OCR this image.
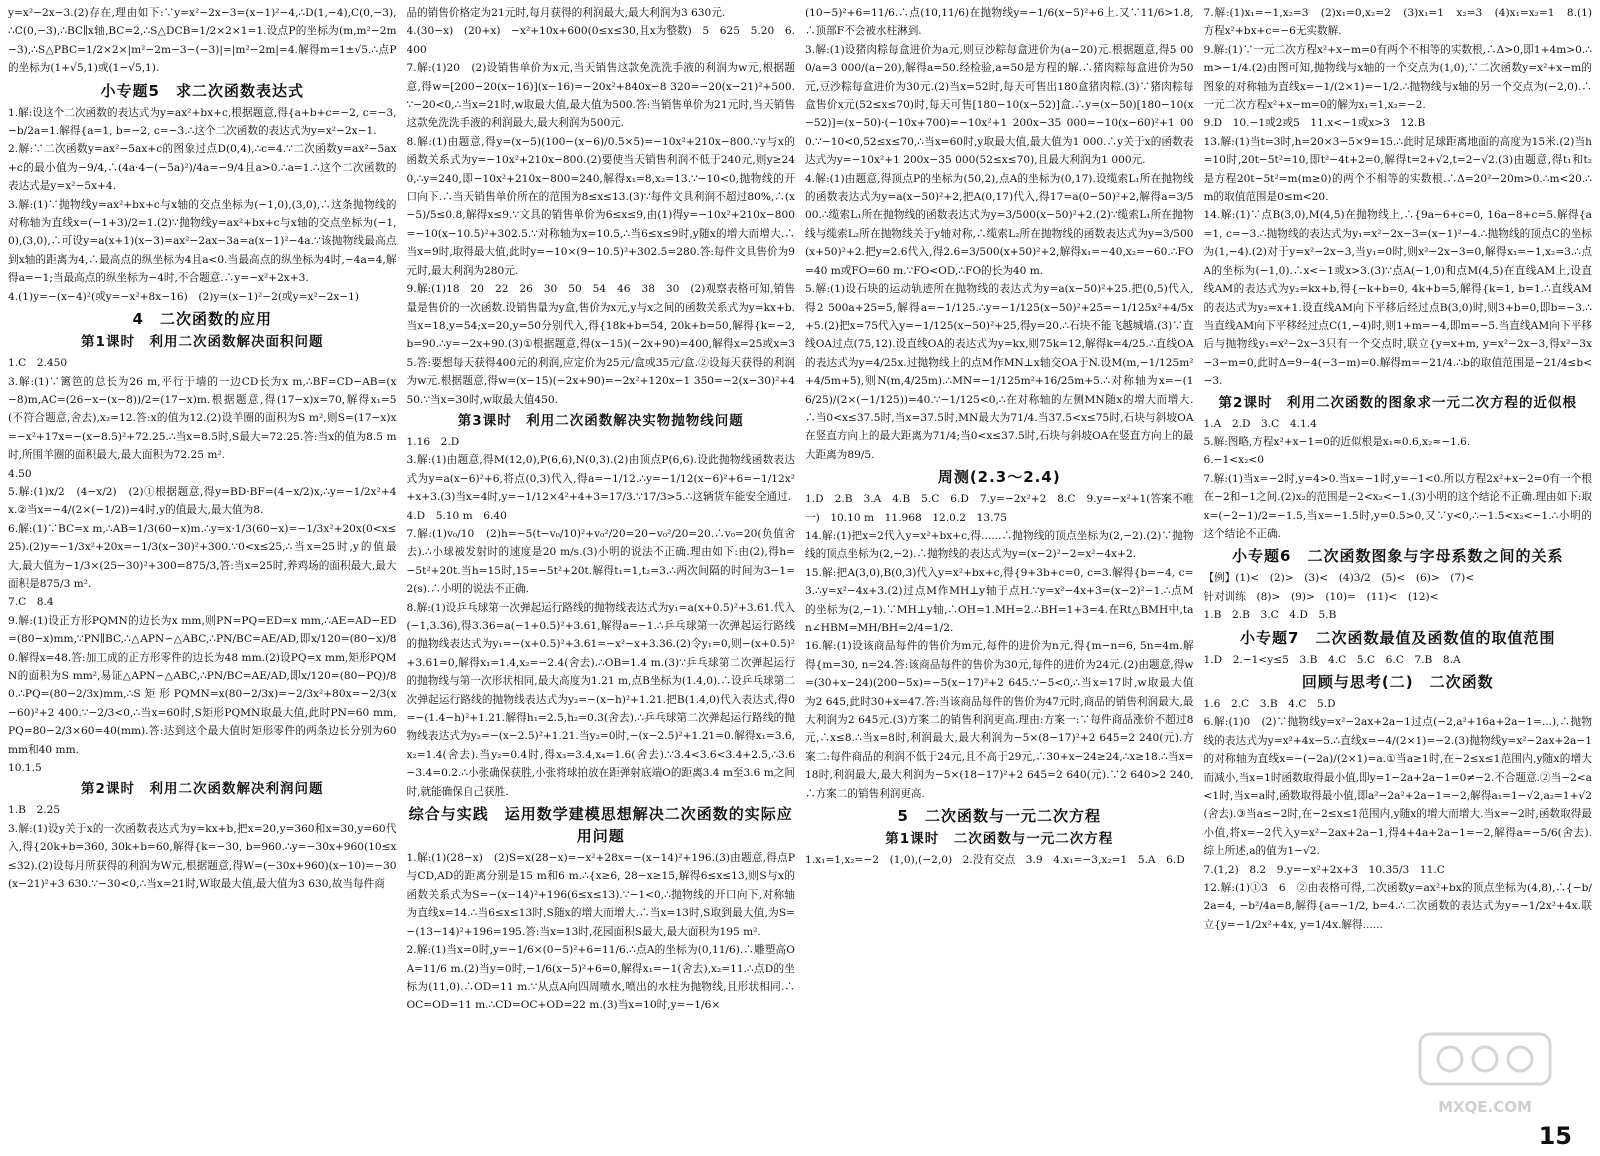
y=x²−2x−3.(2)存在,理由如下:∵y=x²−2x−3=(x−1)²−4,∴D(1,−4),C(0,−3),∴C(0,−3),∴BC∥x轴,BC=2,∴S△DCB=1/2×2×1=1.设点P的坐标为(m,m²−2m−3),∴S△PBC=1/2×2×|m²−2m−3−(−3)|=|m²−2m|=4.解得m=1±√5.∴点P的坐标为(1+√5,1)或(1−√5,1).

小专题5　求二次函数表达式

1.解:设这个二次函数的表达式为y=ax²+bx+c,根据题意,得{a+b+c=−2, c=−3, −b/2a=1.解得{a=1, b=−2, c=−3.∴这个二次函数的表达式为y=x²−2x−1.

2.解:∵二次函数y=ax²−5ax+c的图象过点D(0,4),∴c=4.∵二次函数y=ax²−5ax+c的最小值为−9/4,∴(4a·4−(−5a)²)/4a=−9/4且a>0.∴a=1.∴这个二次函数的表达式是y=x²−5x+4.

3.解:(1)∵抛物线y=ax²+bx+c与x轴的交点坐标为(−1,0),(3,0),∴这条抛物线的对称轴为直线x=(−1+3)/2=1.(2)∵抛物线y=ax²+bx+c与x轴的交点坐标为(−1,0),(3,0),∴可设y=a(x+1)(x−3)=ax²−2ax−3a=a(x−1)²−4a.∵该抛物线最高点到x轴的距离为4,∴最高点的纵坐标为4且a<0.当最高点的纵坐标为4时,−4a=4,解得a=−1;当最高点的纵坐标为−4时,不合题意.∴y=−x²+2x+3.

4.(1)y=−(x−4)²(或y=−x²+8x−16)　(2)y=(x−1)²−2(或y=x²−2x−1)

4　二次函数的应用
第1课时　利用二次函数解决面积问题

1.C　2.450

3.解:(1)∵篱笆的总长为26 m,平行于墙的一边CD长为x m,∴BF=CD−AB=(x−8)m,AC=(26−x−(x−8))/2=(17−x)m.根据题意,得(17−x)x=70,解得x₁=5(不符合题意,舍去),x₂=12.答:x的值为12.(2)设羊圈的面积为S m²,则S=(17−x)x=−x²+17x=−(x−8.5)²+72.25.∴当x=8.5时,S最大=72.25.答:当x的值为8.5 m时,所围羊圈的面积最大,最大面积为72.25 m².

4.50

5.解:(1)x/2　(4−x/2)　(2)①根据题意,得y=BD·BF=(4−x/2)x,∴y=−1/2x²+4x.②当x=−4/(2×(−1/2))=4时,y的值最大,最大值为8.

6.解:(1)∵BC=x m,∴AB=1/3(60−x)m.∴y=x·1/3(60−x)=−1/3x²+20x(0<x≤25).(2)y=−1/3x²+20x=−1/3(x−30)²+300.∵0<x≤25,∴当x=25时,y的值最大,最大值为−1/3×(25−30)²+300=875/3,答:当x=25时,养鸡场的面积最大,最大面积是875/3 m².

7.C　8.4

9.解:(1)设正方形PQMN的边长为x mm,则PN=PQ=ED=x mm,∴AE=AD−ED=(80−x)mm,∵PN∥BC,∴△APN∽△ABC,∴PN/BC=AE/AD,即x/120=(80−x)/80.解得x=48.答:加工成的正方形零件的边长为48 mm.(2)设PQ=x mm,矩形PQMN的面积为S mm²,易证△APN∽△ABC,∴PN/BC=AE/AD,即x/120=(80−PQ)/80.∴PQ=(80−2/3x)mm,∴S矩形PQMN=x(80−2/3x)=−2/3x²+80x=−2/3(x−60)²+2 400.∵−2/3<0,∴当x=60时,S矩形PQMN取最大值,此时PN=60 mm,PQ=80−2/3×60=40(mm).答:达到这个最大值时矩形零件的两条边长分别为60 mm和40 mm.

10.1.5

第2课时　利用二次函数解决利润问题

1.B　2.25

3.解:(1)设y关于x的一次函数表达式为y=kx+b,把x=20,y=360和x=30,y=60代入,得{20k+b=360, 30k+b=60,解得{k=−30, b=960.∴y=−30x+960(10≤x≤32).(2)设每月所获得的利润为W元,根据题意,得W=(−30x+960)(x−10)=−30(x−21)²+3 630.∵−30<0,∴当x=21时,W取最大值,最大值为3 630,故当每件商

品的销售价格定为21元时,每月获得的利润最大,最大利润为3 630元.

4.(30−x)　(20+x)　−x²+10x+600(0≤x≤30,且x为整数)　5　625　5.20　6.400

7.解:(1)20　(2)设销售单价为x元,当天销售这款免洗洗手液的利润为w元,根据题意,得w=[200−20(x−16)](x−16)=−20x²+840x−8 320=−20(x−21)²+500.∵−20<0,∴当x=21时,w取最大值,最大值为500.答:当销售单价为21元时,当天销售这款免洗洗手液的利润最大,最大利润为500元.

8.解:(1)由题意,得y=(x−5)(100−(x−6)/0.5×5)=−10x²+210x−800.∵y与x的函数关系式为y=−10x²+210x−800.(2)要使当天销售利润不低于240元,则y≥240,∴y=240,即−10x²+210x−800=240,解得x₁=8,x₂=13.∵−10<0,抛物线的开口向下.∴当天销售单价所在的范围为8≤x≤13.(3)∵每件文具利润不超过80%,∴(x−5)/5≤0.8,解得x≤9.∵文具的销售单价为6≤x≤9,由(1)得y=−10x²+210x−800=−10(x−10.5)²+302.5.∵对称轴为x=10.5,∴当6≤x≤9时,y随x的增大而增大.∴当x=9时,取得最大值,此时y=−10×(9−10.5)²+302.5=280.答:每件文具售价为9元时,最大利润为280元.

9.解:(1)18　20　22　26　30　50　54　46　38　30　(2)观察表格可知,销售量是售价的一次函数.设销售量为y盒,售价为x元,y与x之间的函数关系式为y=kx+b.当x=18,y=54;x=20,y=50分别代入,得{18k+b=54, 20k+b=50,解得{k=−2, b=90.∴y=−2x+90.(3)①根据题意,得(x−15)(−2x+90)=400,解得x=25或x=35.答:要想每天获得400元的利润,应定价为25元/盒或35元/盒.②设每天获得的利润为w元.根据题意,得w=(x−15)(−2x+90)=−2x²+120x−1 350=−2(x−30)²+450.∵当x=30时,w取最大值450.

第3课时　利用二次函数解决实物抛物线问题

1.16　2.D

3.解:(1)由题意,得M(12,0),P(6,6),N(0,3).(2)由顶点P(6,6).设此抛物线函数表达式为y=a(x−6)²+6,将点(0,3)代入,得a=−1/12.∴y=−1/12(x−6)²+6=−1/12x²+x+3.(3)当x=4时,y=−1/12×4²+4+3=17/3.∵17/3>5.∴这辆货车能安全通过.

4.D　5.10 m　6.40

7.解:(1)v₀/10　(2)h=−5(t−v₀/10)²+v₀²/20=20−v₀²/20=20.∴v₀=20(负值舍去).∴小球被发射时的速度是20 m/s.(3)小明的说法不正确.理由如下:由(2),得h=−5t²+20t.当h=15时,15=−5t²+20t.解得t₁=1,t₂=3.∴两次间隔的时间为3−1=2(s).∴小明的说法不正确.

8.解:(1)设乒乓球第一次弹起运行路线的抛物线表达式为y₁=a(x+0.5)²+3.61.代入(−1,3.36),得3.36=a(−1+0.5)²+3.61,解得a=−1.∴乒乓球第一次弹起运行路线的抛物线表达式为y₁=−(x+0.5)²+3.61=−x²−x+3.36.(2)令y₁=0,则−(x+0.5)²+3.61=0,解得x₁=1.4,x₂=−2.4(舍去).∴OB=1.4 m.(3)∵乒乓球第二次弹起运行的抛物线与第一次形状相同,最大高度为1.21 m,点B坐标为(1.4,0).∴设乒乓球第二次弹起运行路线的抛物线表达式为y₂=−(x−h)²+1.21.把B(1.4,0)代入表达式,得0=−(1.4−h)²+1.21.解得h₁=2.5,h₂=0.3(舍去).∴乒乓球第二次弹起运行路线的抛物线表达式为y₂=−(x−2.5)²+1.21.当y₂=0时,−(x−2.5)²+1.21=0.解得x₁=3.6,x₂=1.4(舍去).当y₂=0.4时,得x₃=3.4,x₄=1.6(舍去).∵3.4<3.6<3.4+2.5,∴3.6−3.4=0.2.∴小张确保获胜,小张将球拍放在距弹射底端O的距离3.4 m至3.6 m之间时,就能确保自己获胜.

综合与实践　运用数学建模思想解决二次函数的实际应用问题

1.解:(1)(28−x)　(2)S=x(28−x)=−x²+28x=−(x−14)²+196.(3)由题意,得点P与CD,AD的距离分别是15 m和6 m.∴{x≥6, 28−x≥15,解得6≤x≤13,则S与x的函数关系式为S=−(x−14)²+196(6≤x≤13).∵−1<0,∴抛物线的开口向下,对称轴为直线x=14.∴当6≤x≤13时,S随x的增大而增大.∴当x=13时,S取到最大值,为S=−(13−14)²+196=195.答:当x=13时,花园面积S最大,最大面积为195 m².

2.解:(1)当x=0时,y=−1/6×(0−5)²+6=11/6.∴点A的坐标为(0,11/6).∴雕塑高OA=11/6 m.(2)当y=0时,−1/6(x−5)²+6=0,解得x₁=−1(舍去),x₂=11.∴点D的坐标为(11,0).∴OD=11 m.∵从点A向四周喷水,喷出的水柱为抛物线,且形状相同.∴OC=OD=11 m.∴CD=OC+OD=22 m.(3)当x=10时,y=−1/6×

(10−5)²+6=11/6.∴点(10,11/6)在抛物线y=−1/6(x−5)²+6上.又∵11/6>1.8,∴顶部F不会被水柱淋到.

3.解:(1)设猪肉粽每盒进价为a元,则豆沙粽每盒进价为(a−20)元.根据题意,得5 000/a=3 000/(a−20),解得a=50.经检验,a=50是方程的解.∴猪肉粽每盒进价为50元,豆沙粽每盒进价为30元.(2)当x=52时,每天可售出180盒猪肉粽.(3)∵猪肉粽每盒售价x元(52≤x≤70)时,每天可售[180−10(x−52)]盒.∴y=(x−50)[180−10(x−52)]=(x−50)·(−10x+700)=−10x²+1 200x−35 000=−10(x−60)²+1 000.∵−10<0,52≤x≤70,∴当x=60时,y取最大值,最大值为1 000.∴y关于x的函数表达式为y=−10x²+1 200x−35 000(52≤x≤70),且最大利润为1 000元.

4.解:(1)由题意,得顶点P的坐标为(50,2),点A的坐标为(0,17).设缆索L₁所在抛物线的函数表达式为y=a(x−50)²+2,把A(0,17)代入,得17=a(0−50)²+2,解得a=3/500.∴缆索L₁所在抛物线的函数表达式为y=3/500(x−50)²+2.(2)∵缆索L₁所在抛物线与缆索L₂所在抛物线关于y轴对称,∴缆索L₂所在抛物线的函数表达式为y=3/500(x+50)²+2.把y=2.6代入,得2.6=3/500(x+50)²+2,解得x₁=−40,x₂=−60.∴FO=40 m或FO=60 m.∵FO<OD,∴FO的长为40 m.

5.解:(1)设石块的运动轨迹所在抛物线的表达式为y=a(x−50)²+25.把(0,5)代入,得2 500a+25=5,解得a=−1/125.∴y=−1/125(x−50)²+25=−1/125x²+4/5x+5.(2)把x=75代入y=−1/125(x−50)²+25,得y=20.∴石块不能飞越城墙.(3)∵直线OA过点(75,12).设直线OA的表达式为y=kx,则75k=12,解得k=4/25.∴直线OA的表达式为y=4/25x.过抛物线上的点M作MN⊥x轴交OA于N.设M(m,−1/125m²+4/5m+5),则N(m,4/25m).∴MN=−1/125m²+16/25m+5.∴对称轴为x=−(16/25)/(2×(−1/125))=40.∵−1/125<0,∴在对称轴的左侧MN随x的增大而增大.∴当0<x≤37.5时,当x=37.5时,MN最大为71/4.当37.5<x≤75时,石块与斜坡OA在竖直方向上的最大距离为71/4;当0<x≤37.5时,石块与斜坡OA在竖直方向上的最大距离为89/5.

周测(2.3～2.4)

1.D　2.B　3.A　4.B　5.C　6.D　7.y=−2x²+2　8.C　9.y=−x²+1(答案不唯一)　10.10 m　11.968　12.0.2　13.75

14.解:(1)把x=2代入y=x²+bx+c,得......∴抛物线的顶点坐标为(2,−2).(2)∵抛物线的顶点坐标为(2,−2).∴抛物线的表达式为y=(x−2)²−2=x²−4x+2.

15.解:把A(3,0),B(0,3)代入y=x²+bx+c,得{9+3b+c=0, c=3.解得{b=−4, c=3.∴y=x²−4x+3.(2)过点M作MH⊥y轴于点H.∵y=x²−4x+3=(x−2)²−1.∴点M的坐标为(2,−1).∵MH⊥y轴,∴OH=1.MH=2.∴BH=1+3=4.在Rt△BMH中,tan∠HBM=MH/BH=2/4=1/2.

16.解:(1)设该商品每件的售价为m元,每件的进价为n元,得{m−n=6, 5n=4m.解得{m=30, n=24.答:该商品每件的售价为30元,每件的进价为24元.(2)由题意,得w=(30+x−24)(200−5x)=−5(x−17)²+2 645.∵−5<0,∴当x=17时,w取最大值为2 645,此时30+x=47.答:当该商品每件的售价为47元时,商品的销售利润最大,最大利润为2 645元.(3)方案二的销售利润更高.理由:方案一:∵每件商品涨价不超过8元,∴x≤8.∴当x=8时,利润最大,最大利润为−5×(8−17)²+2 645=2 240(元).方案二:每件商品的利润不低于24元,且不高于29元,∴30+x−24≥24,∴x≥18.∴当x=18时,利润最大,最大利润为−5×(18−17)²+2 645=2 640(元).∵2 640>2 240,∴方案二的销售利润更高.

5　二次函数与一元二次方程
第1课时　二次函数与一元二次方程

1.x₁=1,x₂=−2　(1,0),(−2,0)　2.没有交点　3.9　4.x₁=−3,x₂=1　5.A　6.D

7.解:(1)x₁=−1,x₂=3　(2)x₁=0,x₂=2　(3)x₁=1　x₂=3　(4)x₁=x₂=1　8.(1)方程x²+bx+c=−6无实数解.

9.解:(1)∵一元二次方程x²+x−m=0有两个不相等的实数根,∴Δ>0,即1+4m>0.∴m>−1/4.(2)由图可知,抛物线与x轴的一个交点为(1,0),∵二次函数y=x²+x−m的图象的对称轴为直线x=−1/(2×1)=−1/2.∴抛物线与x轴的另一个交点为(−2,0).∴一元二次方程x²+x−m=0的解为x₁=1,x₂=−2.

9.D　10.−1或2或5　11.x<−1或x>3　12.B

13.解:(1)当t=3时,h=20×3−5×9=15.∴此时足球距离地面的高度为15米.(2)当h=10时,20t−5t²=10,即t²−4t+2=0,解得t=2+√2,t=2−√2.(3)由题意,得t₁和t₂是方程20t−5t²=m(m≥0)的两个不相等的实数根.∴Δ=20²−20m>0.∴m<20.∴m的取值范围是0≤m<20.

14.解:(1)∵点B(3,0),M(4,5)在抛物线上,∴{9a−6+c=0, 16a−8+c=5.解得{a=1, c=−3.∴抛物线的表达式为y₁=x²−2x−3=(x−1)²−4.∴抛物线的顶点C的坐标为(1,−4).(2)对于y=x²−2x−3,当y₁=0时,则x²−2x−3=0,解得x₁=−1,x₂=3.∴点A的坐标为(−1,0).∴x<−1或x>3.(3)∵点A(−1,0)和点M(4,5)在直线AM上,设直线AM的表达式为y₂=kx+b,得{−k+b=0, 4k+b=5,解得{k=1, b=1.∴直线AM的表达式为y₂=x+1.设直线AM向下平移后经过点B(3,0)时,则3+b=0,即b=−3.∴当直线AM向下平移经过点C(1,−4)时,则1+m=−4,即m=−5.当直线AM向下平移后与抛物线y₁=x²−2x−3只有一个交点时,联立{y=x+m, y=x²−2x−3,得x²−3x−3−m=0,此时Δ=9−4(−3−m)=0.解得m=−21/4.∴b的取值范围是−21/4≤b<−3.

第2课时　利用二次函数的图象求一元二次方程的近似根

1.A　2.D　3.C　4.1.4

5.解:图略,方程x²+x−1=0的近似根是x₁≈0.6,x₂≈−1.6.

6.−1<x₂<0

7.解:(1)当x=−2时,y=4>0.当x=−1时,y=−1<0.所以方程2x²+x−2=0有一个根在−2和−1之间.(2)x₂的范围是−2<x₂<−1.(3)小明的这个结论不正确.理由如下:取x=(−2−1)/2=−1.5,当x=−1.5时,y=0.5>0,又∵y<0,∴−1.5<x₂<−1.∴小明的这个结论不正确.

小专题6　二次函数图象与字母系数之间的关系

【例】(1)<　(2)>　(3)<　(4)3/2　(5)<　(6)>　(7)<

针对训练　(8)>　(9)>　(10)=　(11)<　(12)<

1.B　2.B　3.C　4.D　5.B

小专题7　二次函数最值及函数值的取值范围

1.D　2.−1<y≤5　3.B　4.C　5.C　6.C　7.B　8.A

回顾与思考(二)　二次函数

1.6　2.C　3.B　4.C　5.D

6.解:(1)0　(2)∵抛物线y=x²−2ax+2a−1过点(−2,a²+16a+2a−1=...),∴抛物线的表达式为y=x²+4x−5.∴直线x=−4/(2×1)=−2.(3)抛物线y=x²−2ax+2a−1的对称轴为直线x=−(−2a)/(2×1)=a.①当a≥1时,在−2≤x≤1范围内,y随x的增大而减小,当x=1时函数取得最小值,即y=1−2a+2a−1=0≠−2.不合题意.②当−2<a<1时,当x=a时,函数取得最小值,即a²−2a²+2a−1=−2,解得a₁=1−√2,a₂=1+√2(舍去).③当a≤−2时,在−2≤x≤1范围内,y随x的增大而增大.当x=−2时,函数取得最小值,将x=−2代入y=x²−2ax+2a−1,得4+4a+2a−1=−2,解得a=−5/6(舍去).综上所述,a的值为1−√2.

7.(1,2)　8.2　9.y=−x²+2x+3　10.35/3　11.C

12.解:(1)①3　6　②由表格可得,二次函数y=ax²+bx的顶点坐标为(4,8),∴{−b/2a=4, −b²/4a=8,解得{a=−1/2, b=4.∴二次函数的表达式为y=−1/2x²+4x.联立{y=−1/2x²+4x, y=1/4x.解得......

MXQE.COM
15
